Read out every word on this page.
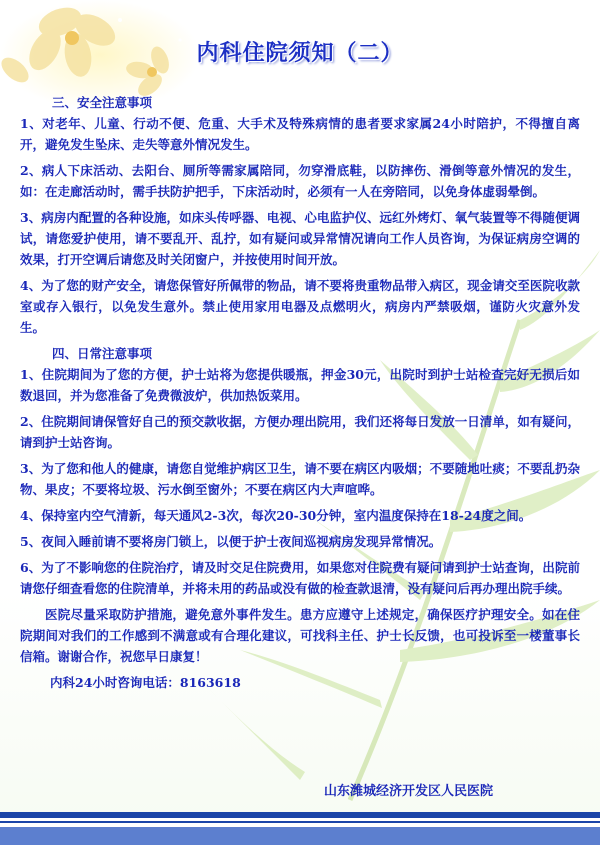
内科住院须知（二）
三、安全注意事项

1、对老年、儿童、行动不便、危重、大手术及特殊病情的患者要求家属24小时陪护，不得擅自离开，避免发生坠床、走失等意外情况发生。

2、病人下床活动、去阳台、厕所等需家属陪同，勿穿滑底鞋，以防摔伤、滑倒等意外情况的发生，如：在走廊活动时，需手扶防护把手，下床活动时，必须有一人在旁陪同，以免身体虚弱晕倒。

3、病房内配置的各种设施，如床头传呼器、电视、心电监护仪、远红外烤灯、氧气装置等不得随便调试，请您爱护使用，请不要乱开、乱拧，如有疑问或异常情况请向工作人员咨询，为保证病房空调的效果，打开空调后请您及时关闭窗户，并按使用时间开放。

4、为了您的财产安全，请您保管好所佩带的物品，请不要将贵重物品带入病区，现金请交至医院收款室或存入银行，以免发生意外。禁止使用家用电器及点燃明火，病房内严禁吸烟，谨防火灾意外发生。

四、日常注意事项

1、住院期间为了您的方便，护士站将为您提供暖瓶，押金30元，出院时到护士站检查完好无损后如数退回，并为您准备了免费微波炉，供加热饭菜用。

2、住院期间请保管好自己的预交款收据，方便办理出院用，我们还将每日发放一日清单，如有疑问，请到护士站咨询。

3、为了您和他人的健康，请您自觉维护病区卫生，请不要在病区内吸烟；不要随地吐痰；不要乱扔杂物、果皮；不要将垃圾、污水倒至窗外；不要在病区内大声喧哗。

4、保持室内空气清新，每天通风2-3次，每次20-30分钟，室内温度保持在18-24度之间。

5、夜间入睡前请不要将房门锁上，以便于护士夜间巡视病房发现异常情况。

6、为了不影响您的住院治疗，请及时交足住院费用，如果您对住院费有疑问请到护士站查询，出院前请您仔细查看您的住院清单，并将未用的药品或没有做的检查款退清，没有疑问后再办理出院手续。

医院尽量采取防护措施，避免意外事件发生。患方应遵守上述规定，确保医疗护理安全。如在住院期间对我们的工作感到不满意或有合理化建议，可找科主任、护士长反馈，也可投诉至一楼董事长信箱。谢谢合作，祝您早日康复！

内科24小时咨询电话：8163618
山东潍城经济开发区人民医院
